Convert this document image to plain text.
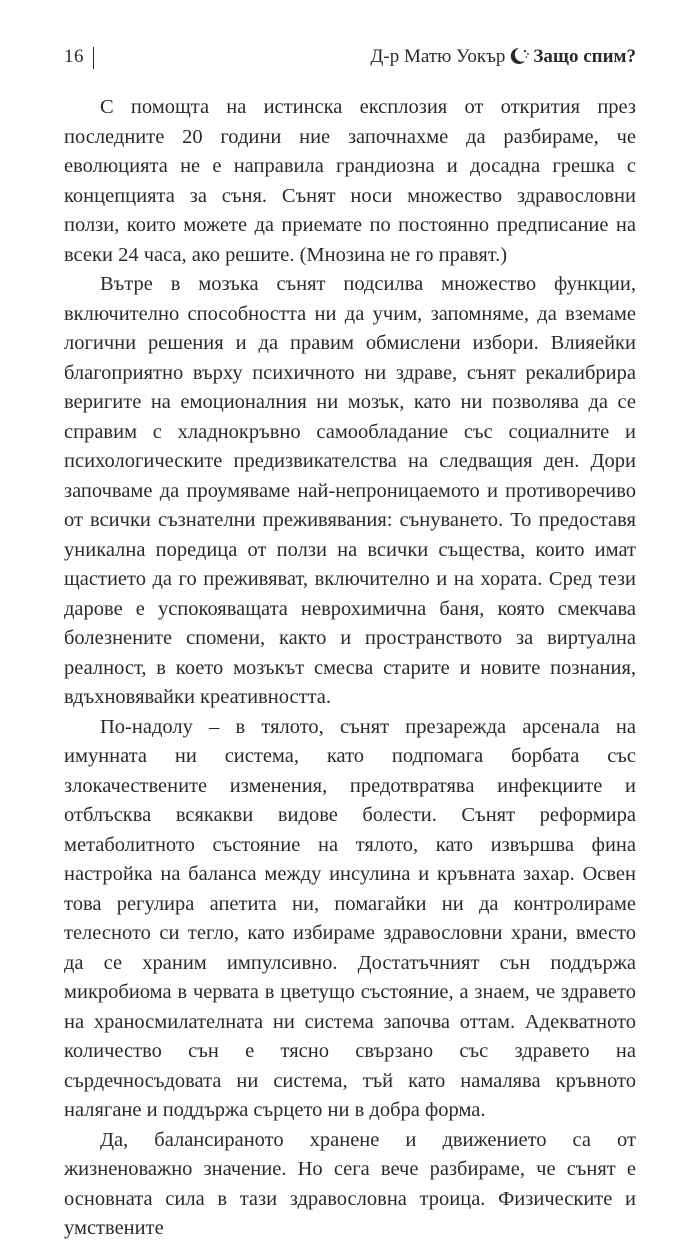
16	Д-р Матю Уокър Защо спим?

С помощта на истинска експлозия от открития през последните 20 години ние започнахме да разбираме, че еволюцията не е направила грандиозна и досадна грешка с концепцията за съня. Сънят носи множество здравословни ползи, които можете да приемате по постоянно предписание на всеки 24 часа, ако решите. (Мнозина не го правят.)

Вътре в мозъка сънят подсилва множество функции, включително способността ни да учим, запомняме, да вземаме логични решения и да правим обмислени избори. Влияейки благоприятно върху психичното ни здраве, сънят рекалибрира веригите на емоционалния ни мозък, като ни позволява да се справим с хладнокръвно самообладание със социалните и психологическите предизвикателства на следващия ден. Дори започваме да проумяваме най-непроницаемото и противоречиво от всички съзнателни преживявания: сънуването. То предоставя уникална поредица от ползи на всички същества, които имат щастието да го преживяват, включително и на хората. Сред тези дарове е успокояващата неврохимична баня, която смекчава болезнените спомени, както и пространството за виртуална реалност, в което мозъкът смесва старите и новите познания, вдъхновявайки креативността.

По-надолу – в тялото, сънят презарежда арсенала на имунната ни система, като подпомага борбата със злокачествените изменения, предотвратява инфекциите и отблъсква всякакви видове болести. Сънят реформира метаболитното състояние на тялото, като извършва фина настройка на баланса между инсулина и кръвната захар. Освен това регулира апетита ни, помагайки ни да контролираме телесното си тегло, като избираме здравословни храни, вместо да се храним импулсивно. Достатъчният сън поддържа микробиома в червата в цветущо състояние, а знаем, че здравето на храносмилателната ни система започва оттам. Адекватното количество сън е тясно свързано със здравето на сърдечносъдовата ни система, тъй като намалява кръвното налягане и поддържа сърцето ни в добра форма.

Да, балансираното хранене и движението са от жизненоважно значение. Но сега вече разбираме, че сънят е основната сила в тази здравословна троица. Физическите и умствените
